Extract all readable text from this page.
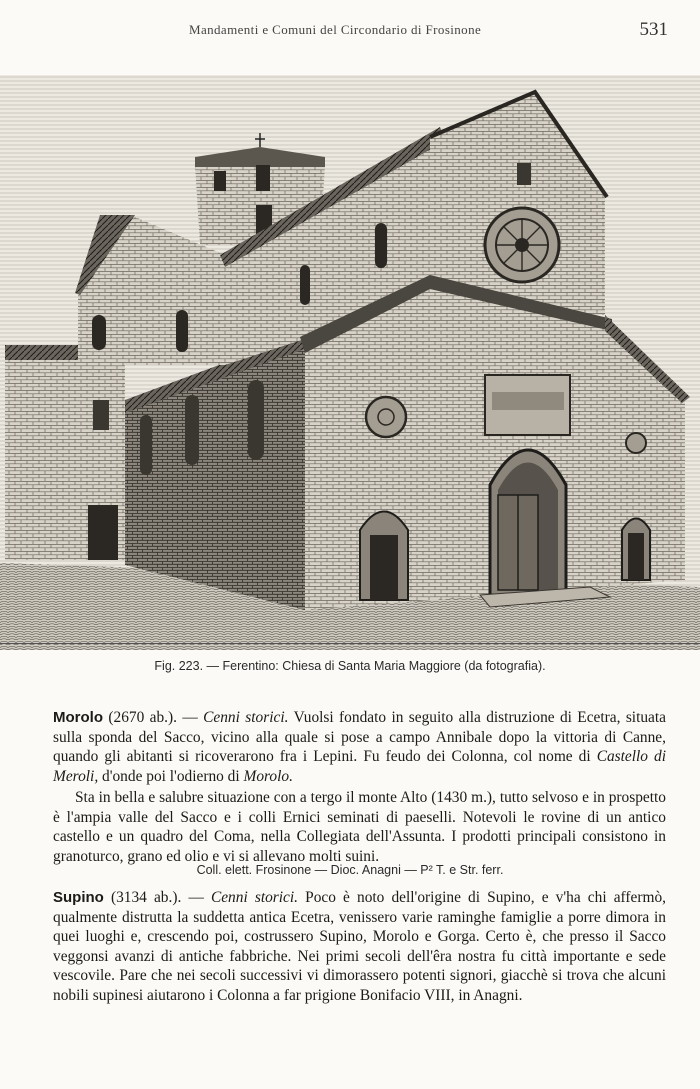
Mandamenti e Comuni del Circondario di Frosinone	531
Fig. 223. — Ferentino: Chiesa di Santa Maria Maggiore (da fotografia).
Morolo (2670 ab.). — Cenni storici. Vuolsi fondato in seguito alla distruzione di Ecetra, situata sulla sponda del Sacco, vicino alla quale si pose a campo Annibale dopo la vittoria di Canne, quando gli abitanti si ricoverarono fra i Lepini. Fu feudo dei Colonna, col nome di Castello di Meroli, d'onde poi l'odierno di Morolo.
Sta in bella e salubre situazione con a tergo il monte Alto (1430 m.), tutto selvoso e in prospetto è l'ampia valle del Sacco e i colli Ernici seminati di paeselli. Notevoli le rovine di un antico castello e un quadro del Coma, nella Collegiata dell'Assunta. I prodotti principali consistono in granoturco, grano ed olio e vi si allevano molti suini.
Coll. elett. Frosinone — Dioc. Anagni — P² T. e Str. ferr.
Supino (3134 ab.). — Cenni storici. Poco è noto dell'origine di Supino, e v'ha chi affermò, qualmente distrutta la suddetta antica Ecetra, venissero varie raminghe famiglie a porre dimora in quei luoghi e, crescendo poi, costrussero Supino, Morolo e Gorga. Certo è, che presso il Sacco veggonsi avanzi di antiche fabbriche. Nei primi secoli dell'êra nostra fu città importante e sede vescovile. Pare che nei secoli successivi vi dimorassero potenti signori, giacchè si trova che alcuni nobili supinesi aiutarono i Colonna a far prigione Bonifacio VIII, in Anagni.
